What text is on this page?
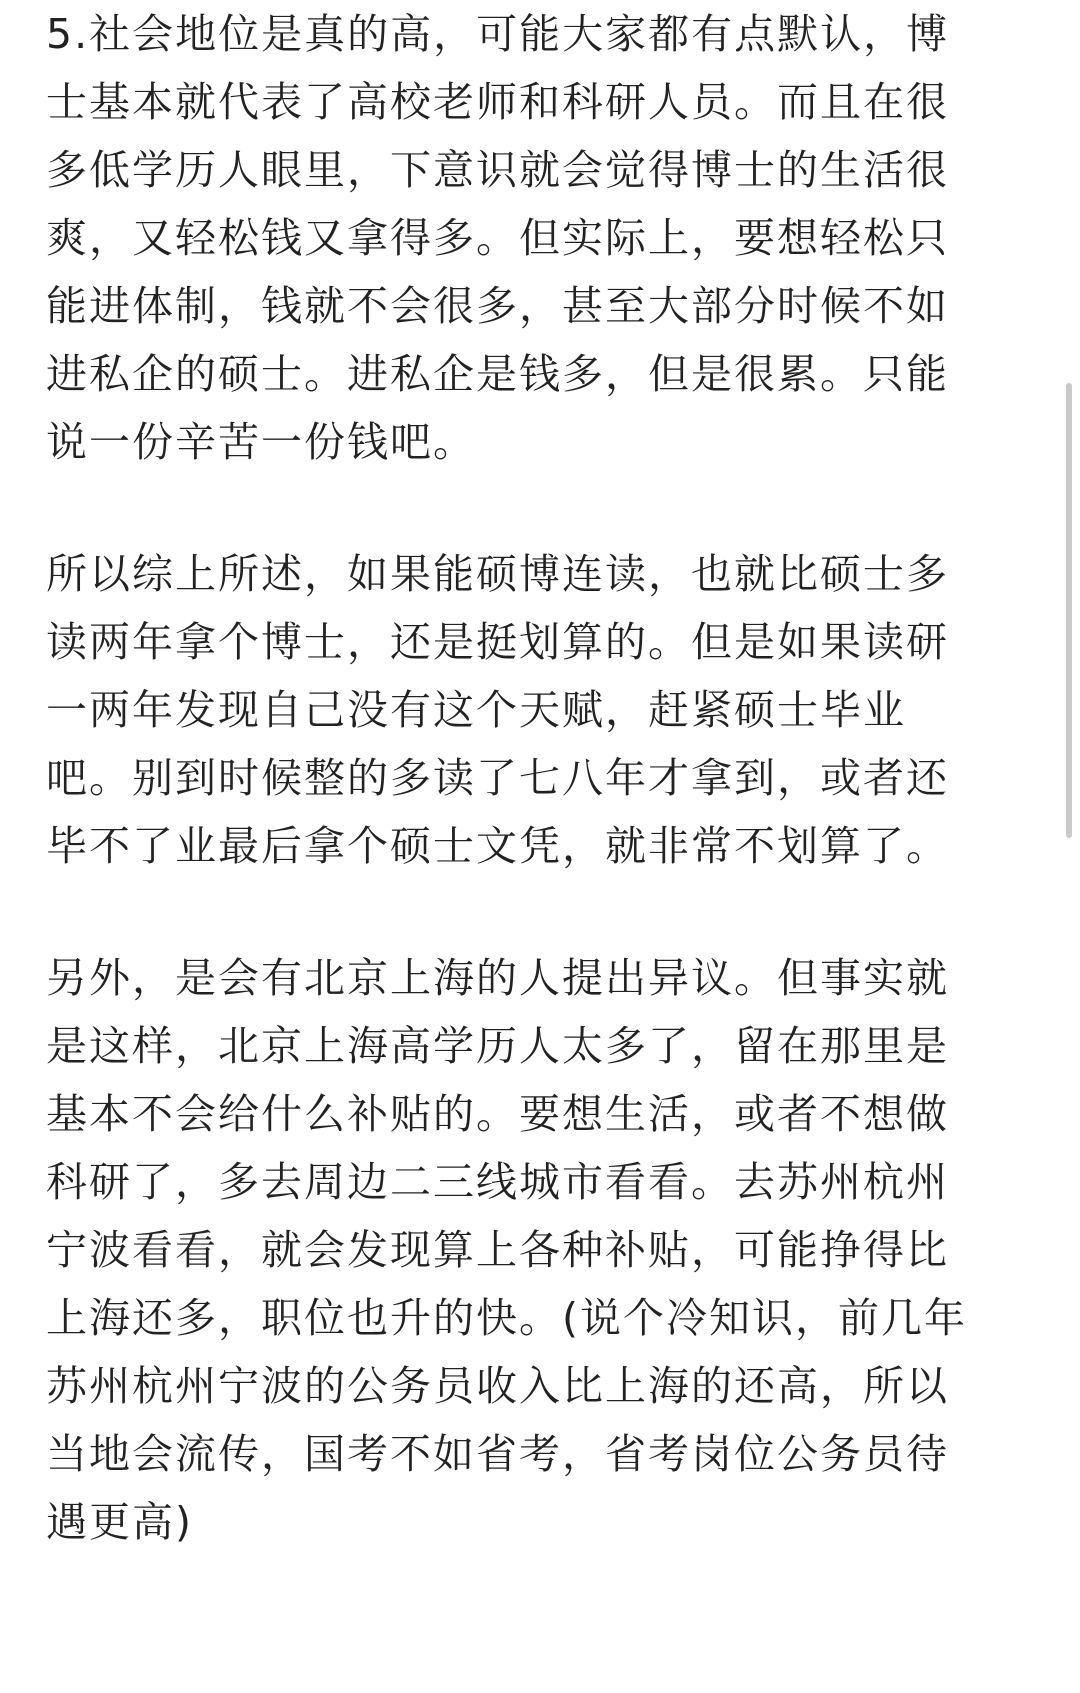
5.社会地位是真的高，可能大家都有点默认，博
士基本就代表了高校老师和科研人员。而且在很
多低学历人眼里，下意识就会觉得博士的生活很
爽，又轻松钱又拿得多。但实际上，要想轻松只
能进体制，钱就不会很多，甚至大部分时候不如
进私企的硕士。进私企是钱多，但是很累。只能
说一份辛苦一份钱吧。
所以综上所述，如果能硕博连读，也就比硕士多
读两年拿个博士，还是挺划算的。但是如果读研
一两年发现自己没有这个天赋，赶紧硕士毕业
吧。别到时候整的多读了七八年才拿到，或者还
毕不了业最后拿个硕士文凭，就非常不划算了。
另外，是会有北京上海的人提出异议。但事实就
是这样，北京上海高学历人太多了，留在那里是
基本不会给什么补贴的。要想生活，或者不想做
科研了，多去周边二三线城市看看。去苏州杭州
宁波看看，就会发现算上各种补贴，可能挣得比
上海还多，职位也升的快。(说个冷知识，前几年
苏州杭州宁波的公务员收入比上海的还高，所以
当地会流传，国考不如省考，省考岗位公务员待
遇更高)
